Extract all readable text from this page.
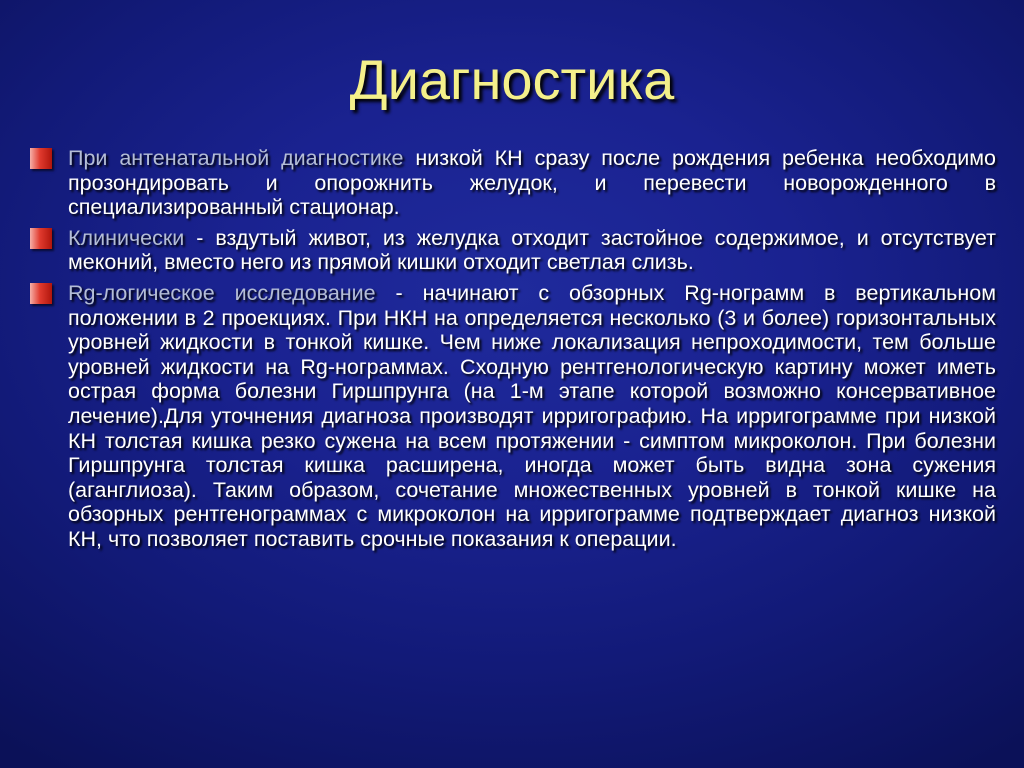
Диагностика
При антенатальной диагностике низкой КН сразу после рождения ребенка необходимо прозондировать и опорожнить желудок, и перевести новорожденного в специализированный стационар.
Клинически - вздутый живот, из желудка отходит застойное содержимое, и отсутствует меконий, вместо него из прямой кишки отходит светлая слизь.
Rg-логическое исследование - начинают с обзорных Rg-нограмм в вертикальном положении в 2 проекциях. При НКН на определяется несколько (3 и более) горизонтальных уровней жидкости в тонкой кишке. Чем ниже локализация непроходимости, тем больше уровней жидкости на Rg-нограммах. Сходную рентгенологическую картину может иметь острая форма болезни Гиршпрунга (на 1-м этапе которой возможно консервативное лечение).Для уточнения диагноза производят ирригографию. На ирригограмме при низкой КН толстая кишка резко сужена на всем протяжении - симптом микроколон. При болезни Гиршпрунга толстая кишка расширена, иногда может быть видна зона сужения (аганглиоза). Таким образом, сочетание множественных уровней в тонкой кишке на обзорных рентгенограммах с микроколон на ирригограмме подтверждает диагноз низкой КН, что позволяет поставить срочные показания к операции.
